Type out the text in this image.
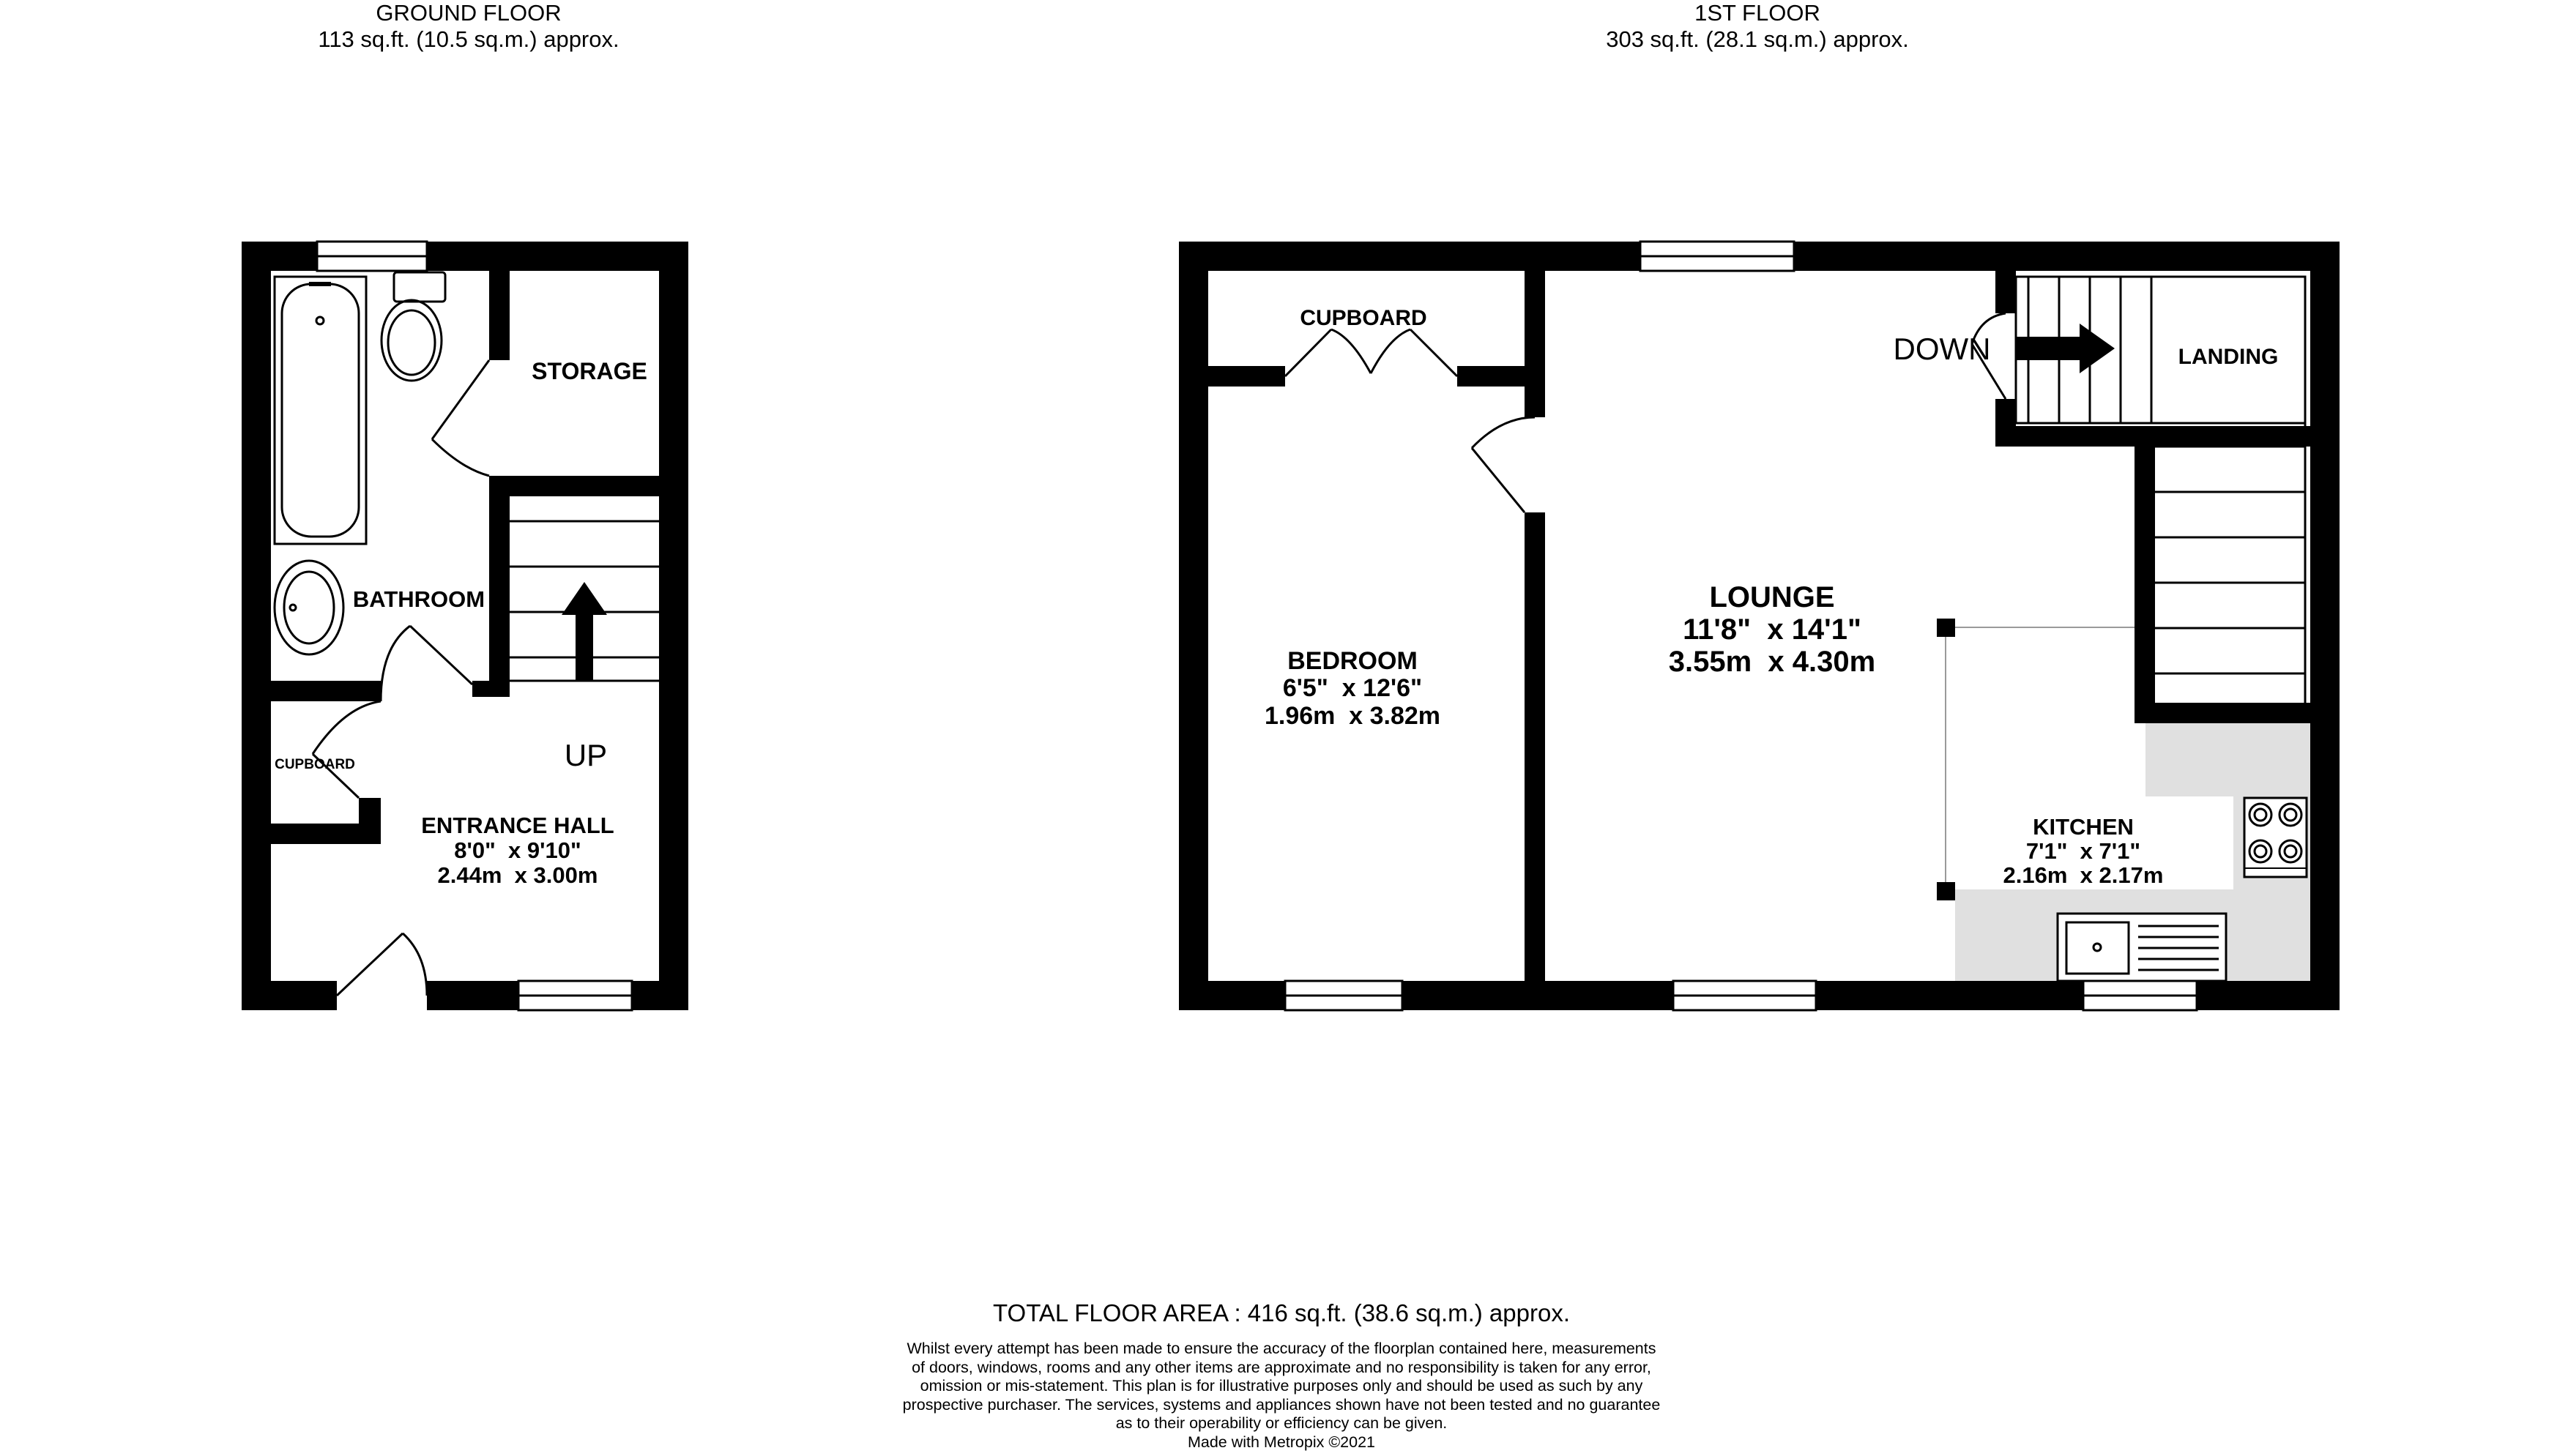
GROUND FLOOR
113 sq.ft. (10.5 sq.m.) approx.
1ST FLOOR
303 sq.ft. (28.1 sq.m.) approx.
STORAGE
BATHROOM
CUPBOARD
ENTRANCE HALL
8'0"  x 9'10"
2.44m  x 3.00m
UP
CUPBOARD
BEDROOM
6'5"  x 12'6"
1.96m  x 3.82m
LOUNGE
11'8"  x 14'1"
3.55m  x 4.30m
DOWN	LANDING
KITCHEN
7'1"  x 7'1"
2.16m  x 2.17m
TOTAL FLOOR AREA : 416 sq.ft. (38.6 sq.m.) approx.
Whilst every attempt has been made to ensure the accuracy of the floorplan contained here, measurements
of doors, windows, rooms and any other items are approximate and no responsibility is taken for any error,
omission or mis-statement. This plan is for illustrative purposes only and should be used as such by any
prospective purchaser. The services, systems and appliances shown have not been tested and no guarantee
as to their operability or efficiency can be given.
Made with Metropix ©2021
